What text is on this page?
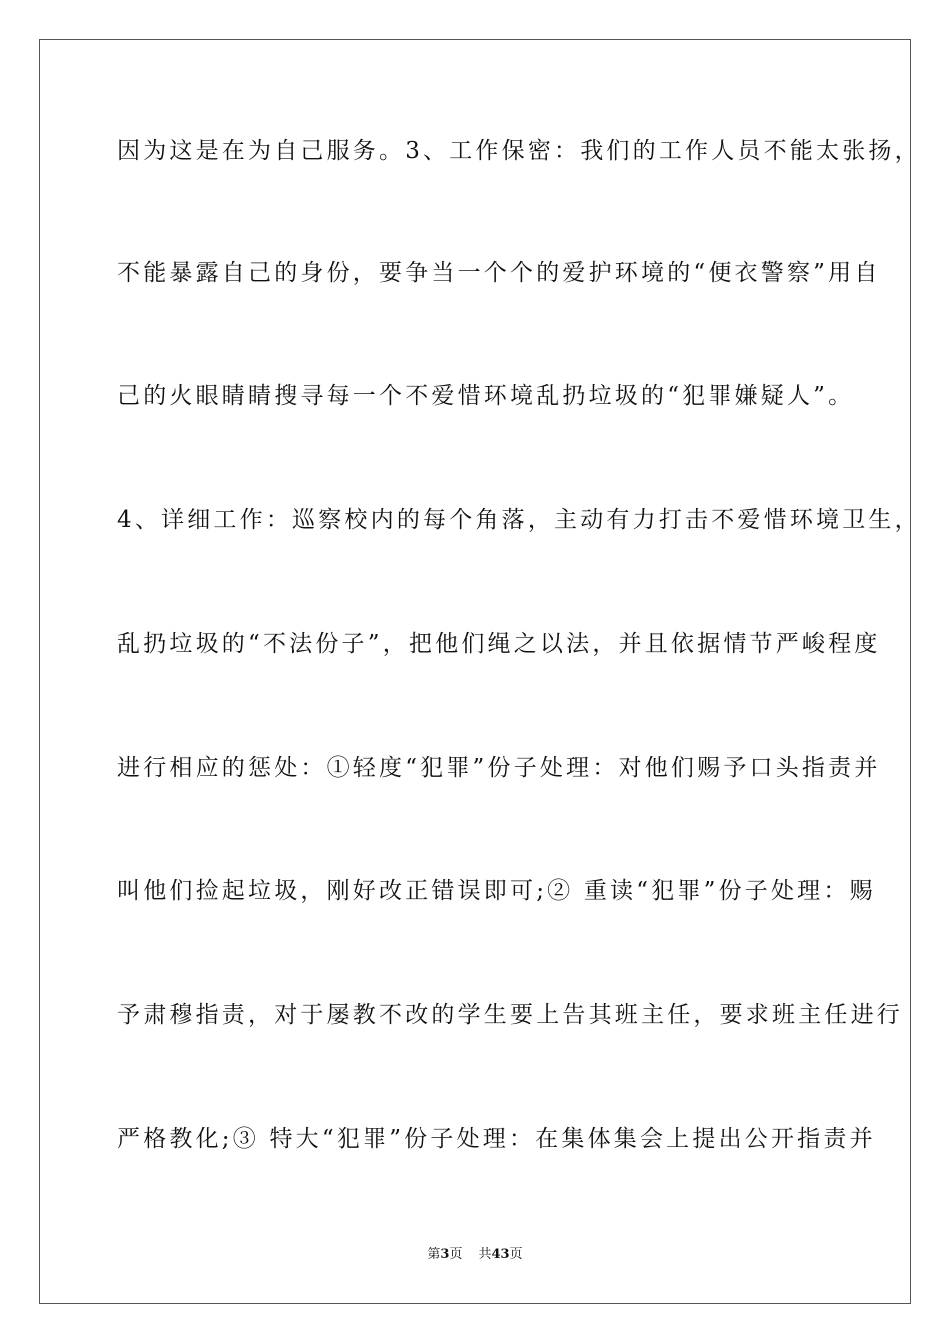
因为这是在为自己服务。3、工作保密：我们的工作人员不能太张扬，
不能暴露自己的身份，要争当一个个的爱护环境的“便衣警察”用自
己的火眼睛睛搜寻每一个不爱惜环境乱扔垃圾的“犯罪嫌疑人”。
4、详细工作：巡察校内的每个角落，主动有力打击不爱惜环境卫生，
乱扔垃圾的“不法份子”，把他们绳之以法，并且依据情节严峻程度
进行相应的惩处：①轻度“犯罪”份子处理：对他们赐予口头指责并
叫他们捡起垃圾，刚好改正错误即可;② 重读“犯罪”份子处理：赐
予肃穆指责，对于屡教不改的学生要上告其班主任，要求班主任进行
严格教化;③ 特大“犯罪”份子处理：在集体集会上提出公开指责并
第3页 共43页
